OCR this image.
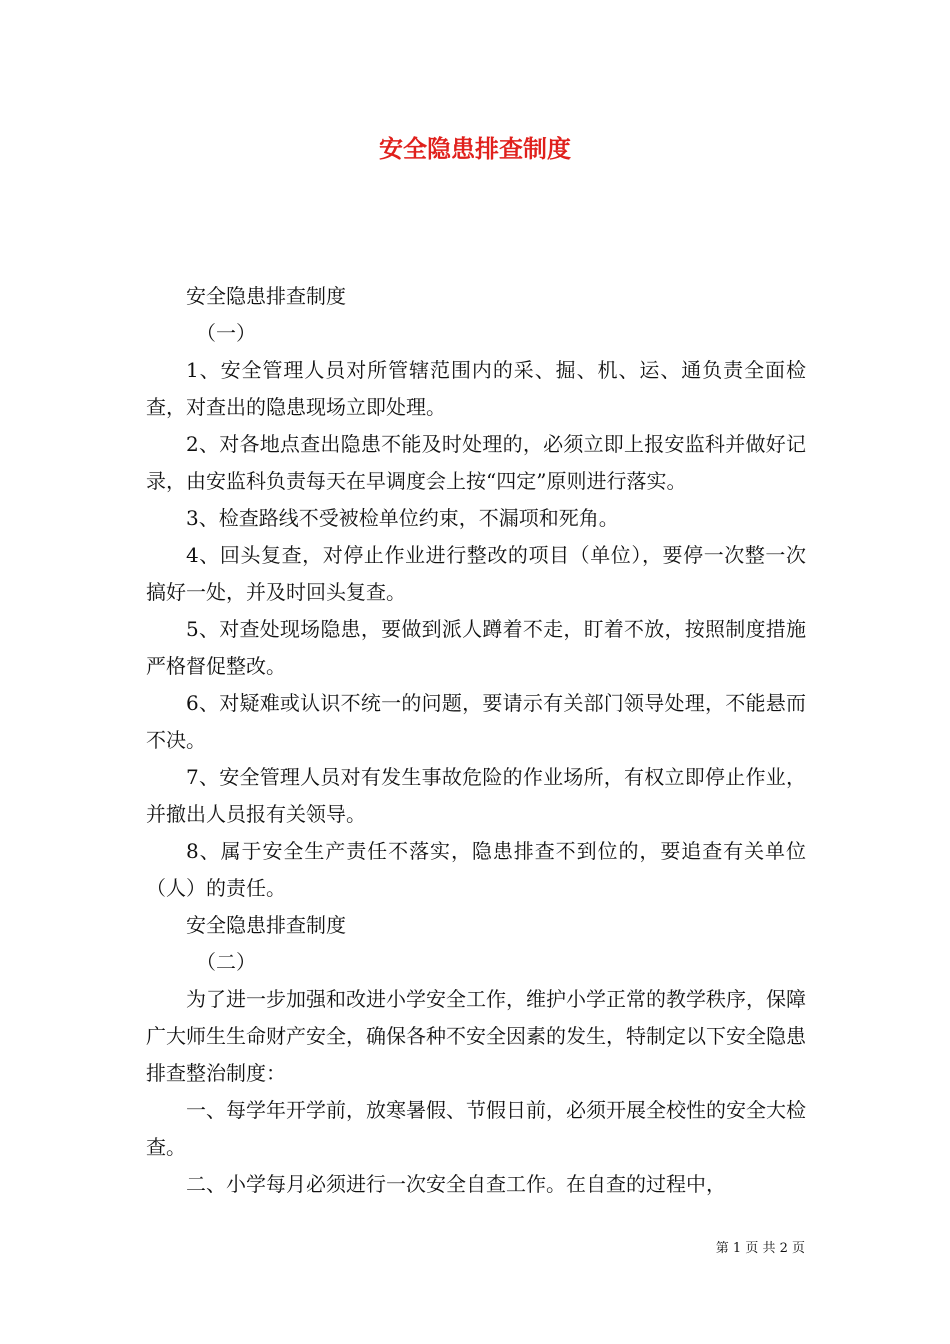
安全隐患排查制度

安全隐患排查制度

（一）

1、安全管理人员对所管辖范围内的采、掘、机、运、通负责全面检查，对查出的隐患现场立即处理。

2、对各地点查出隐患不能及时处理的，必须立即上报安监科并做好记录，由安监科负责每天在早调度会上按“四定”原则进行落实。

3、检查路线不受被检单位约束，不漏项和死角。

4、回头复查，对停止作业进行整改的项目（单位），要停一次整一次搞好一处，并及时回头复查。

5、对查处现场隐患，要做到派人蹲着不走，盯着不放，按照制度措施严格督促整改。

6、对疑难或认识不统一的问题，要请示有关部门领导处理，不能悬而不决。

7、安全管理人员对有发生事故危险的作业场所，有权立即停止作业，并撤出人员报有关领导。

8、属于安全生产责任不落实，隐患排查不到位的，要追查有关单位（人）的责任。

安全隐患排查制度

（二）

为了进一步加强和改进小学安全工作，维护小学正常的教学秩序，保障广大师生生命财产安全，确保各种不安全因素的发生，特制定以下安全隐患排查整治制度：

一、每学年开学前，放寒暑假、节假日前，必须开展全校性的安全大检查。

二、小学每月必须进行一次安全自查工作。在自查的过程中，

第 1 页 共 2 页
